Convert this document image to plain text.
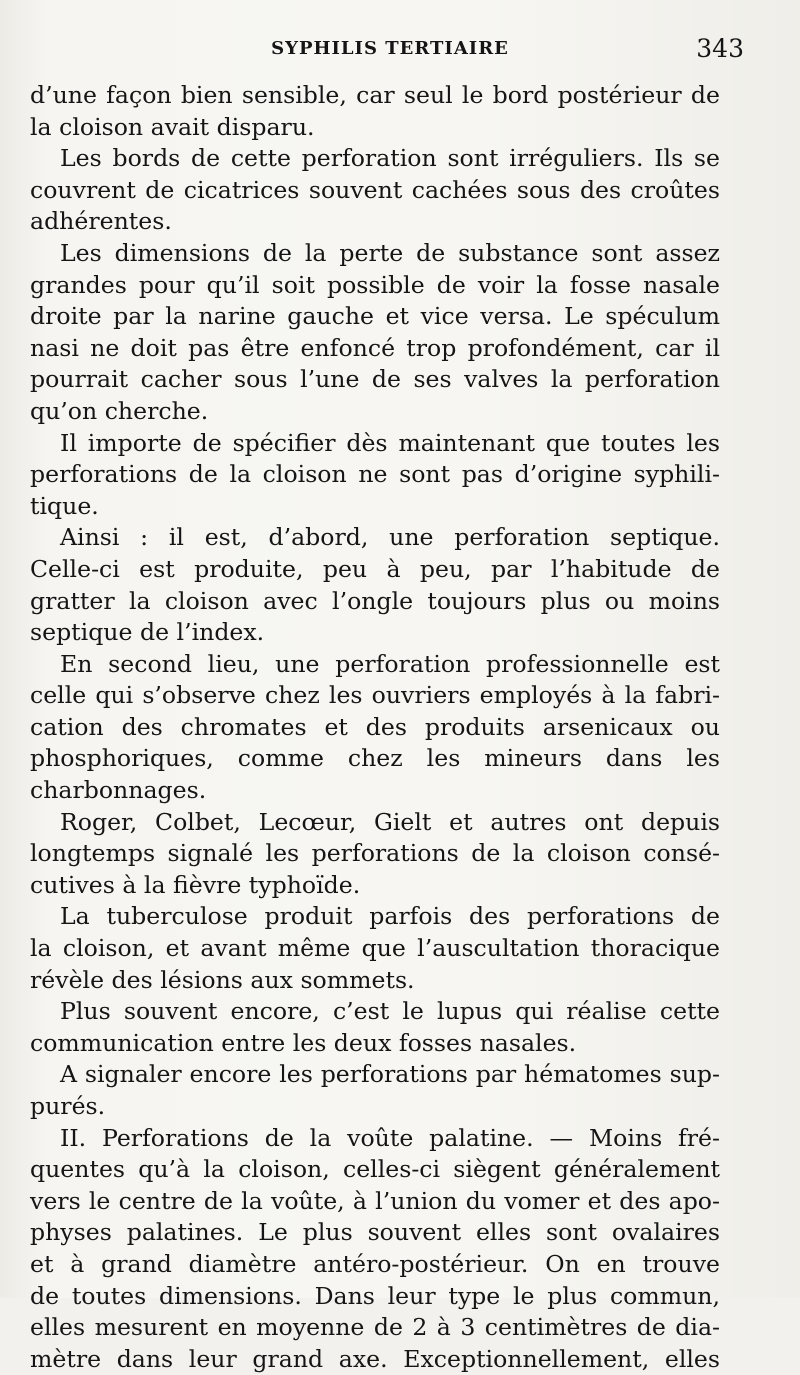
SYPHILIS TERTIAIRE	343
d’une façon bien sensible, car seul le bord postérieur de
la cloison avait disparu.
Les bords de cette perforation sont irréguliers. Ils se
couvrent de cicatrices souvent cachées sous des croûtes
adhérentes.
Les dimensions de la perte de substance sont assez
grandes pour qu’il soit possible de voir la fosse nasale
droite par la narine gauche et vice versa. Le spéculum
nasi ne doit pas être enfoncé trop profondément, car il
pourrait cacher sous l’une de ses valves la perforation
qu’on cherche.
Il importe de spécifier dès maintenant que toutes les
perforations de la cloison ne sont pas d’origine syphili-
tique.
Ainsi : il est, d’abord, une perforation septique.
Celle-ci est produite, peu à peu, par l’habitude de
gratter la cloison avec l’ongle toujours plus ou moins
septique de l’index.
En second lieu, une perforation professionnelle est
celle qui s’observe chez les ouvriers employés à la fabri-
cation des chromates et des produits arsenicaux ou
phosphoriques, comme chez les mineurs dans les
charbonnages.
Roger, Colbet, Lecœur, Gielt et autres ont depuis
longtemps signalé les perforations de la cloison consé-
cutives à la fièvre typhoïde.
La tuberculose produit parfois des perforations de
la cloison, et avant même que l’auscultation thoracique
révèle des lésions aux sommets.
Plus souvent encore, c’est le lupus qui réalise cette
communication entre les deux fosses nasales.
A signaler encore les perforations par hématomes sup-
purés.
II. Perforations de la voûte palatine. — Moins fré-
quentes qu’à la cloison, celles-ci siègent généralement
vers le centre de la voûte, à l’union du vomer et des apo-
physes palatines. Le plus souvent elles sont ovalaires
et à grand diamètre antéro-postérieur. On en trouve
de toutes dimensions. Dans leur type le plus commun,
elles mesurent en moyenne de 2 à 3 centimètres de dia-
mètre dans leur grand axe. Exceptionnellement, elles
